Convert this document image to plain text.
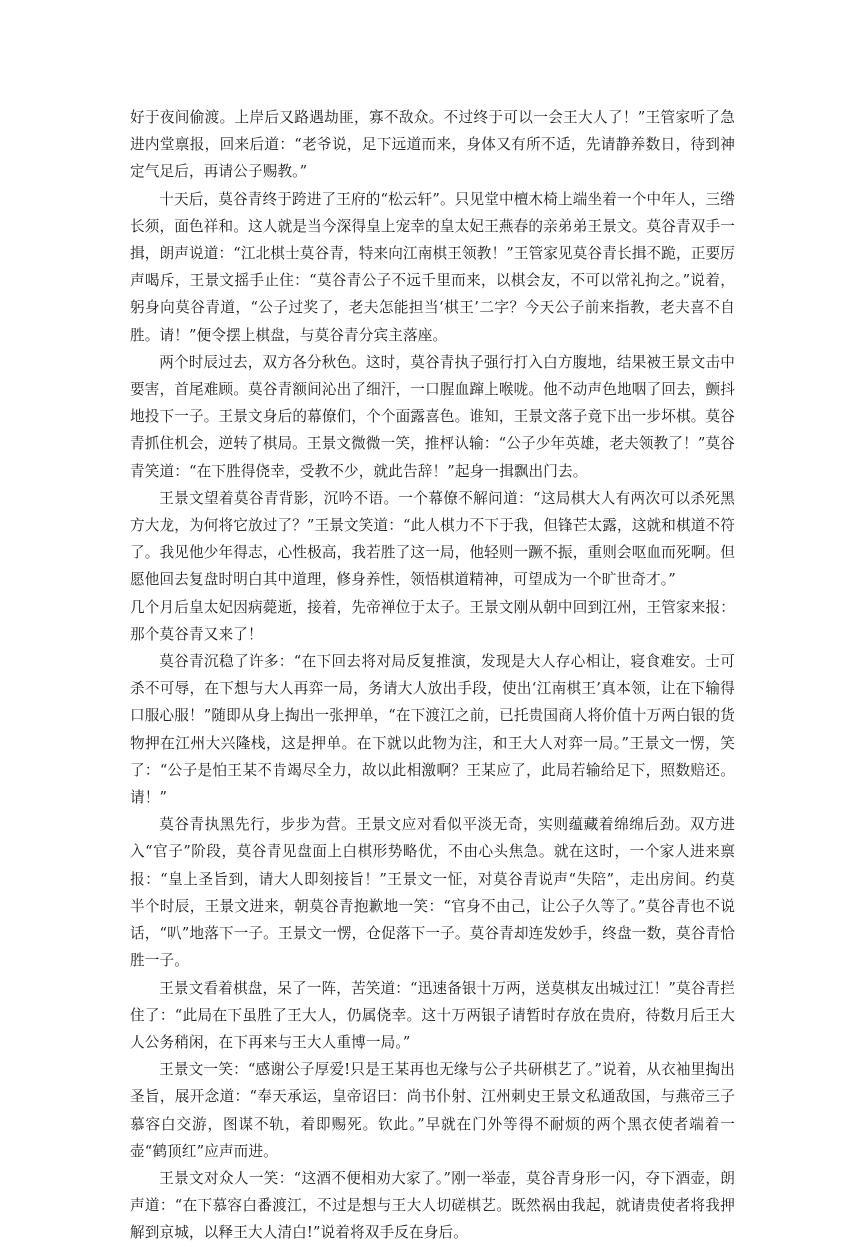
好于夜间偷渡。上岸后又路遇劫匪，寡不敌众。不过终于可以一会王大人了！”王管家听了急进内堂禀报，回来后道：“老爷说，足下远道而来，身体又有所不适，先请静养数日，待到神定气足后，再请公子赐教。”

十天后，莫谷青终于跨进了王府的“松云轩”。只见堂中檀木椅上端坐着一个中年人，三绺长须，面色祥和。这人就是当今深得皇上宠幸的皇太妃王燕春的亲弟弟王景文。莫谷青双手一揖，朗声说道：“江北棋士莫谷青，特来向江南棋王领教！”王管家见莫谷青长揖不跪，正要厉声喝斥，王景文摇手止住：“莫谷青公子不远千里而来，以棋会友，不可以常礼拘之。”说着，躬身向莫谷青道，“公子过奖了，老夫怎能担当‘棋王’二字？今天公子前来指教，老夫喜不自胜。请！”便令摆上棋盘，与莫谷青分宾主落座。

两个时辰过去，双方各分秋色。这时，莫谷青执子强行打入白方腹地，结果被王景文击中要害，首尾难顾。莫谷青额间沁出了细汗，一口腥血蹿上喉咙。他不动声色地咽了回去，颤抖地投下一子。王景文身后的幕僚们，个个面露喜色。谁知，王景文落子竟下出一步坏棋。莫谷青抓住机会，逆转了棋局。王景文微微一笑，推枰认输：“公子少年英雄，老夫领教了！”莫谷青笑道：“在下胜得侥幸，受教不少，就此告辞！”起身一揖飘出门去。

王景文望着莫谷青背影，沉吟不语。一个幕僚不解问道：“这局棋大人有两次可以杀死黑方大龙，为何将它放过了？”王景文笑道：“此人棋力不下于我，但锋芒太露，这就和棋道不符了。我见他少年得志，心性极高，我若胜了这一局，他轻则一蹶不振，重则会呕血而死啊。但愿他回去复盘时明白其中道理，修身养性，领悟棋道精神，可望成为一个旷世奇才。”

几个月后皇太妃因病薨逝，接着，先帝禅位于太子。王景文刚从朝中回到江州，王管家来报：那个莫谷青又来了！

莫谷青沉稳了许多：“在下回去将对局反复推演，发现是大人存心相让，寝食难安。士可杀不可辱，在下想与大人再弈一局，务请大人放出手段，使出‘江南棋王’真本领，让在下输得口服心服！”随即从身上掏出一张押单，“在下渡江之前，已托贵国商人将价值十万两白银的货物押在江州大兴隆栈，这是押单。在下就以此物为注，和王大人对弈一局。”王景文一愣，笑了：“公子是怕王某不肯竭尽全力，故以此相激啊？王某应了，此局若输给足下，照数赔还。请！”

莫谷青执黑先行，步步为营。王景文应对看似平淡无奇，实则蕴藏着绵绵后劲。双方进入“官子”阶段，莫谷青见盘面上白棋形势略优，不由心头焦急。就在这时，一个家人进来禀报：“皇上圣旨到，请大人即刻接旨！”王景文一怔，对莫谷青说声“失陪”，走出房间。约莫半个时辰，王景文进来，朝莫谷青抱歉地一笑：“官身不由己，让公子久等了。”莫谷青也不说话，“叭”地落下一子。王景文一愣，仓促落下一子。莫谷青却连发妙手，终盘一数，莫谷青恰胜一子。

王景文看着棋盘，呆了一阵，苦笑道：“迅速备银十万两，送莫棋友出城过江！”莫谷青拦住了：“此局在下虽胜了王大人，仍属侥幸。这十万两银子请暂时存放在贵府，待数月后王大人公务稍闲，在下再来与王大人重博一局。”

王景文一笑：“感谢公子厚爱!只是王某再也无缘与公子共研棋艺了。”说着，从衣袖里掏出圣旨，展开念道：“奉天承运，皇帝诏曰：尚书仆射、江州刺史王景文私通敌国，与燕帝三子慕容白交游，图谋不轨，着即赐死。钦此。”早就在门外等得不耐烦的两个黑衣使者端着一壶“鹤顶红”应声而进。

王景文对众人一笑：“这酒不便相劝大家了。”刚一举壶，莫谷青身形一闪，夺下酒壶，朗声道：“在下慕容白番渡江，不过是想与王大人切磋棋艺。既然祸由我起，就请贵使者将我押解到京城，以释王大人清白!”说着将双手反在身后。
